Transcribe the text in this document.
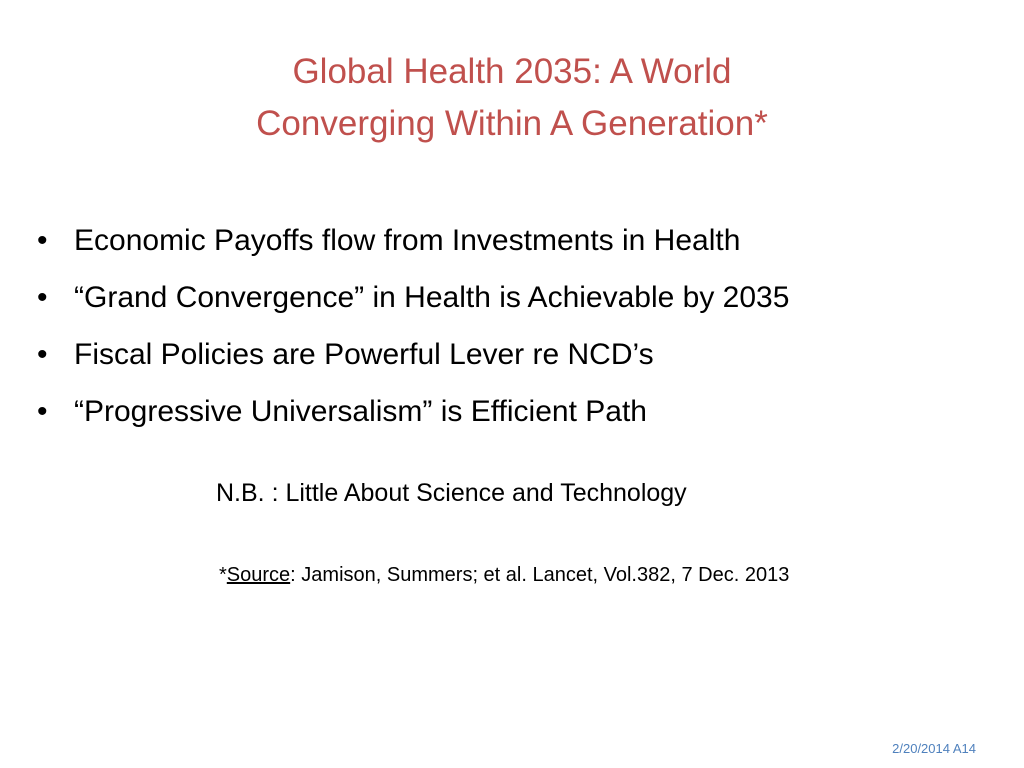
Global Health 2035: A World
Converging Within A Generation*
• Economic Payoffs flow from Investments in Health
• “Grand Convergence” in Health is Achievable by 2035
• Fiscal Policies are Powerful Lever re NCD’s
• “Progressive Universalism” is Efficient Path
N.B. : Little About Science and Technology
*Source: Jamison, Summers; et al. Lancet, Vol.382, 7 Dec. 2013
2/20/2014 A14
